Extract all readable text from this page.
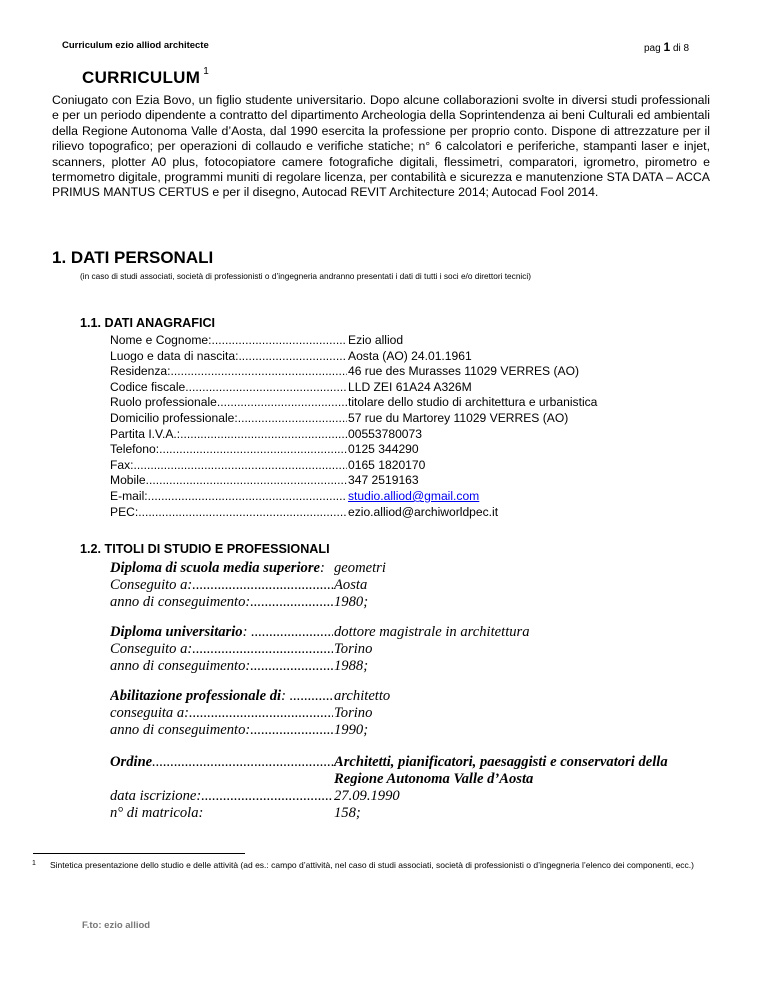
Curriculum ezio alliod architecte	pag 1 di 8
CURRICULUM $^1$
Coniugato con Ezia Bovo, un figlio studente universitario. Dopo alcune collaborazioni svolte in diversi studi professionali e per un periodo dipendente a contratto del dipartimento Archeologia della Soprintendenza ai beni Culturali ed ambientali della Regione Autonoma Valle d’Aosta, dal 1990 esercita la professione per proprio conto. Dispone di attrezzature per il rilievo topografico; per operazioni di collaudo e verifiche statiche; n° 6 calcolatori e periferiche, stampanti laser e injet, scanners, plotter A0 plus, fotocopiatore camere fotografiche digitali, flessimetri, comparatori, igrometro, pirometro e termometro digitale, programmi muniti di regolare licenza, per contabilità e sicurezza e manutenzione STA DATA – ACCA PRIMUS MANTUS CERTUS e per il disegno, Autocad REVIT Architecture 2014; Autocad Fool 2014.
1. DATI PERSONALI
(in caso di studi associati, società di professionisti o d’ingegneria andranno presentati i dati di tutti i soci e/o direttori tecnici)
1.1. DATI ANAGRAFICI
Nome e Cognome: .....	Ezio alliod
Luogo e data di nascita: .....	Aosta (AO) 24.01.1961
Residenza: .....	46 rue des Murasses 11029 VERRES (AO)
Codice fiscale .....	LLD ZEI 61A24 A326M
Ruolo professionale .....	titolare dello studio di architettura e urbanistica
Domicilio professionale: .....	57 rue du Martorey 11029 VERRES (AO)
Partita I.V.A.: .....	00553780073
Telefono: .....	0125 344290
Fax: .....	0165 1820170
Mobile .....	347 2519163
E-mail: .....	studio.alliod@gmail.com
PEC: .....	ezio.alliod@archiworldpec.it
1.2. TITOLI DI STUDIO E PROFESSIONALI
Diploma di scuola media superiore: geometri
Conseguito a: .....	Aosta
anno di conseguimento: .....	1980;
Diploma universitario: .....	dottore magistrale in architettura
Conseguito a: .....	Torino
anno di conseguimento: .....	1988;
Abilitazione professionale di: .....	architetto
conseguita a: .....	Torino
anno di conseguimento: .....	1990;
Ordine .....	Architetti, pianificatori, paesaggisti e conservatori della
Regione Autonoma Valle d’Aosta
data iscrizione: .....	27.09.1990
n° di matricola:	158;
1 Sintetica presentazione dello studio e delle attività (ad es.: campo d’attività, nel caso di studi associati, società di professionisti o d’ingegneria l’elenco dei componenti, ecc.)
F.to: ezio alliod
